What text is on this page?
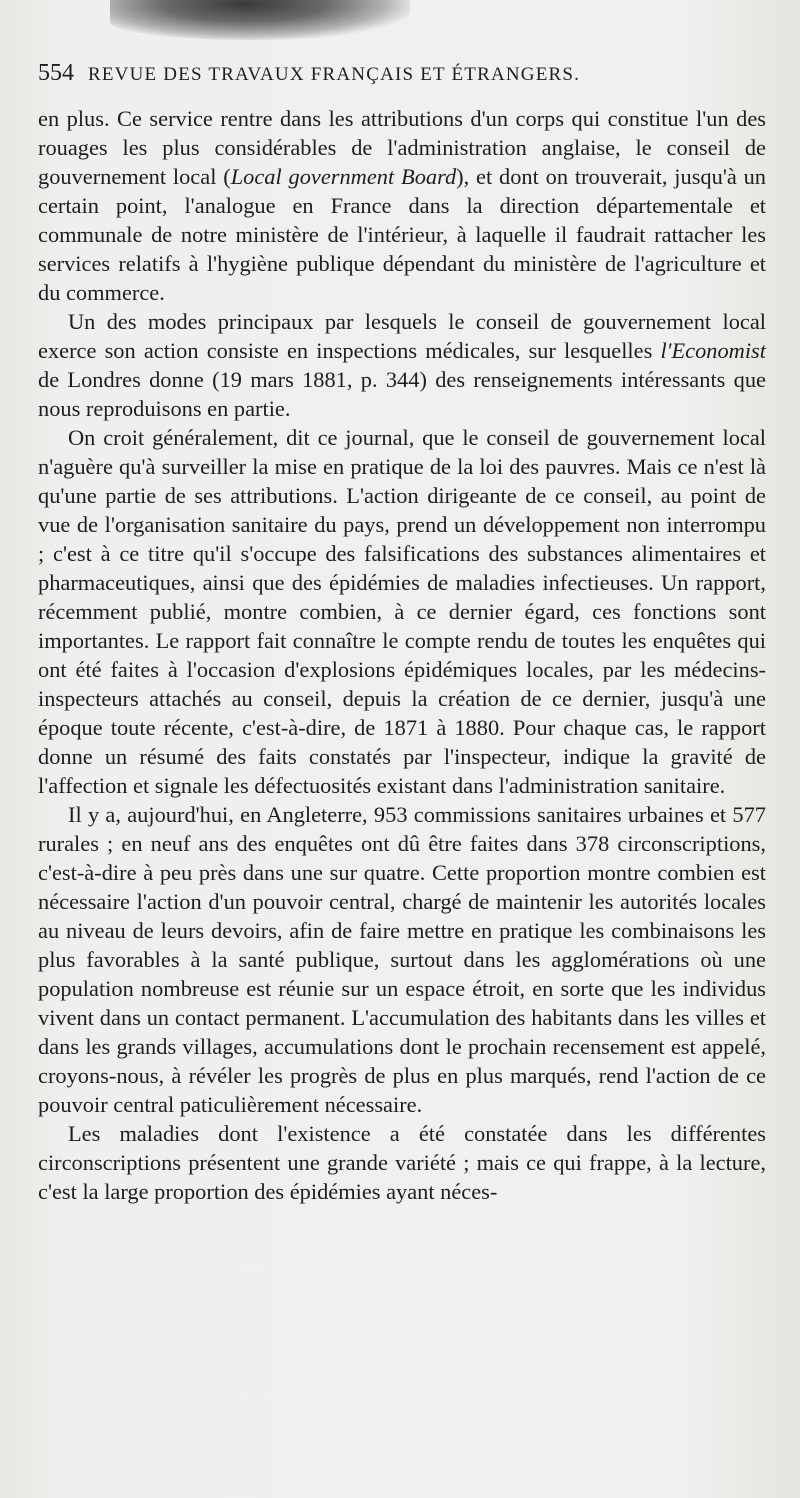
554 REVUE DES TRAVAUX FRANÇAIS ET ÉTRANGERS.

en plus. Ce service rentre dans les attributions d'un corps qui constitue l'un des rouages les plus considérables de l'administration anglaise, le conseil de gouvernement local (Local government Board), et dont on trouverait, jusqu'à un certain point, l'analogue en France dans la direction départementale et communale de notre ministère de l'intérieur, à laquelle il faudrait rattacher les services relatifs à l'hygiène publique dépendant du ministère de l'agriculture et du commerce.

Un des modes principaux par lesquels le conseil de gouvernement local exerce son action consiste en inspections médicales, sur lesquelles l'Economist de Londres donne (19 mars 1881, p. 344) des renseignements intéressants que nous reproduisons en partie.

On croit généralement, dit ce journal, que le conseil de gouvernement local n'aguère qu'à surveiller la mise en pratique de la loi des pauvres. Mais ce n'est là qu'une partie de ses attributions. L'action dirigeante de ce conseil, au point de vue de l'organisation sanitaire du pays, prend un développement non interrompu ; c'est à ce titre qu'il s'occupe des falsifications des substances alimentaires et pharmaceutiques, ainsi que des épidémies de maladies infectieuses. Un rapport, récemment publié, montre combien, à ce dernier égard, ces fonctions sont importantes. Le rapport fait connaître le compte rendu de toutes les enquêtes qui ont été faites à l'occasion d'explosions épidémiques locales, par les médecins-inspecteurs attachés au conseil, depuis la création de ce dernier, jusqu'à une époque toute récente, c'est-à-dire, de 1871 à 1880. Pour chaque cas, le rapport donne un résumé des faits constatés par l'inspecteur, indique la gravité de l'affection et signale les défectuosités existant dans l'administration sanitaire.

Il y a, aujourd'hui, en Angleterre, 953 commissions sanitaires urbaines et 577 rurales ; en neuf ans des enquêtes ont dû être faites dans 378 circonscriptions, c'est-à-dire à peu près dans une sur quatre. Cette proportion montre combien est nécessaire l'action d'un pouvoir central, chargé de maintenir les autorités locales au niveau de leurs devoirs, afin de faire mettre en pratique les combinaisons les plus favorables à la santé publique, surtout dans les agglomérations où une population nombreuse est réunie sur un espace étroit, en sorte que les individus vivent dans un contact permanent. L'accumulation des habitants dans les villes et dans les grands villages, accumulations dont le prochain recensement est appelé, croyons-nous, à révéler les progrès de plus en plus marqués, rend l'action de ce pouvoir central paticulièrement nécessaire.

Les maladies dont l'existence a été constatée dans les différentes circonscriptions présentent une grande variété ; mais ce qui frappe, à la lecture, c'est la large proportion des épidémies ayant néces-
